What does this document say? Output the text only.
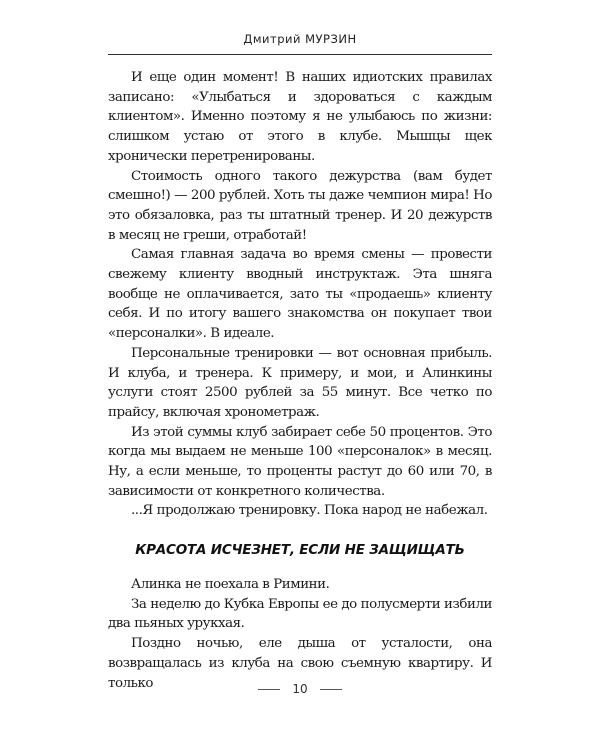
Дмитрий МУРЗИН

И еще один момент! В наших идиотских правилах записано: «Улыбаться и здороваться с каждым клиентом». Именно поэтому я не улыбаюсь по жизни: слишком устаю от этого в клубе. Мышцы щек хронически перетренированы.

Стоимость одного такого дежурства (вам будет смешно!) — 200 рублей. Хоть ты даже чемпион мира! Но это обязаловка, раз ты штатный тренер. И 20 дежурств в месяц не греши, отработай!

Самая главная задача во время смены — провести свежему клиенту вводный инструктаж. Эта шняга вообще не оплачивается, зато ты «продаешь» клиенту себя. И по итогу вашего знакомства он покупает твои «персоналки». В идеале.

Персональные тренировки — вот основная прибыль. И клуба, и тренера. К примеру, и мои, и Алинкины услуги стоят 2500 рублей за 55 минут. Все четко по прайсу, включая хронометраж.

Из этой суммы клуб забирает себе 50 процентов. Это когда мы выдаем не меньше 100 «персоналок» в месяц. Ну, а если меньше, то проценты растут до 60 или 70, в зависимости от конкретного количества.

...Я продолжаю тренировку. Пока народ не набежал.

КРАСОТА ИСЧЕЗНЕТ, ЕСЛИ НЕ ЗАЩИЩАТЬ

Алинка не поехала в Римини.

За неделю до Кубка Европы ее до полусмерти избили два пьяных урукхая.

Поздно ночью, еле дыша от усталости, она возвращалась из клуба на свою съемную квартиру. И только	10
